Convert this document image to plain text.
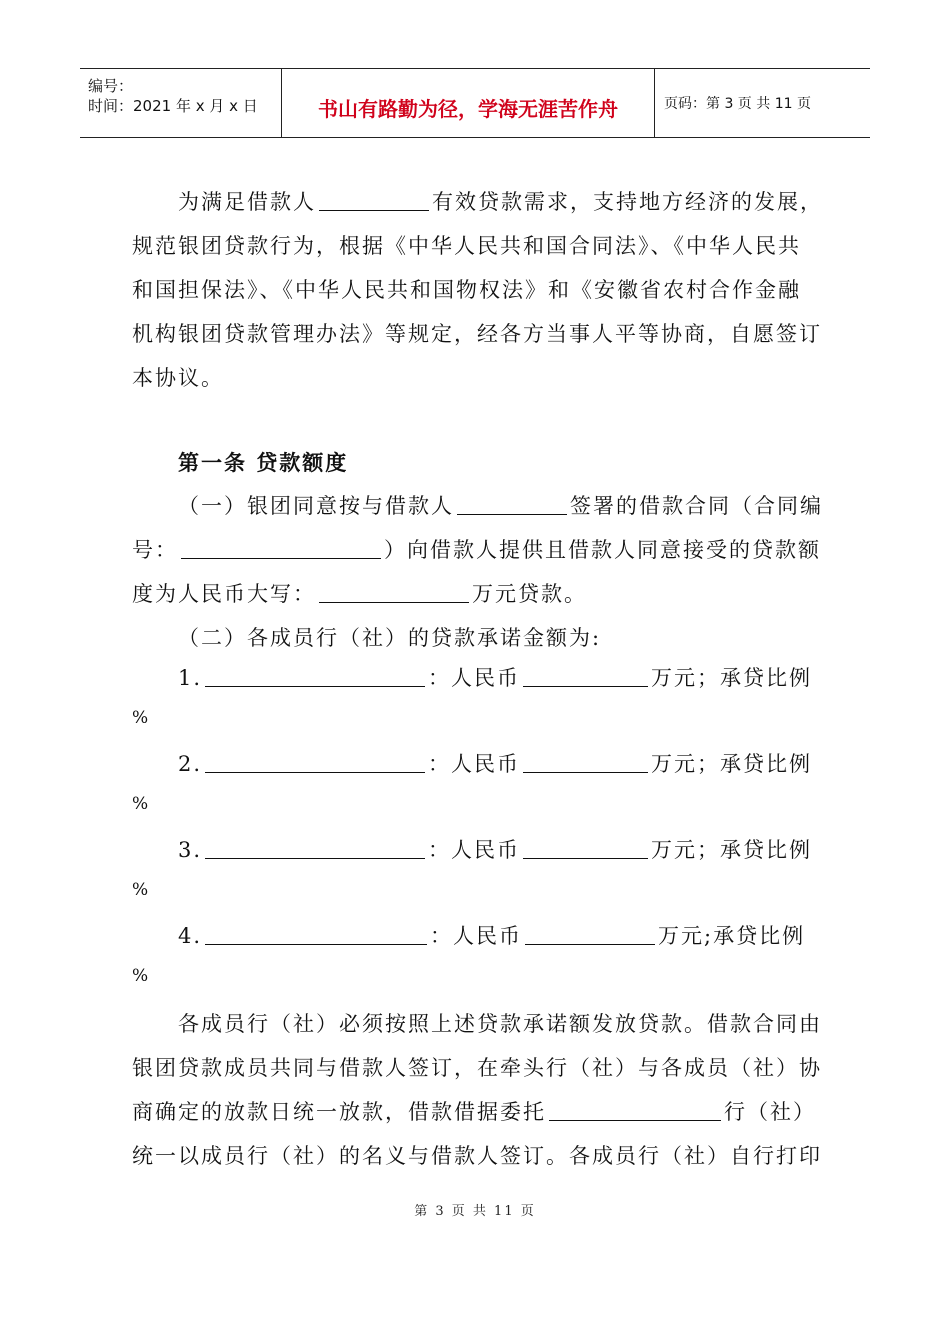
编号：
时间：2021 年 x 月 x 日	书山有路勤为径，学海无涯苦作舟	页码：第 3 页 共 11 页
为满足借款人	有效贷款需求，支持地方经济的发展，
规范银团贷款行为，根据《中华人民共和国合同法》、《中华人民共
和国担保法》、《中华人民共和国物权法》和《安徽省农村合作金融
机构银团贷款管理办法》等规定，经各方当事人平等协商，自愿签订
本协议。
第一条 贷款额度
（一）银团同意按与借款人	签署的借款合同（合同编
号：	）向借款人提供且借款人同意接受的贷款额
度为人民币大写：	万元贷款。
（二）各成员行（社）的贷款承诺金额为:
1.	：人民币	万元；承贷比例
%
2.	：人民币	万元；承贷比例
%
3.	：人民币	万元；承贷比例
%
4.	：人民币	万元;承贷比例
%
各成员行（社）必须按照上述贷款承诺额发放贷款。借款合同由
银团贷款成员共同与借款人签订，在牵头行（社）与各成员（社）协
商确定的放款日统一放款，借款借据委托	行（社）
统一以成员行（社）的名义与借款人签订。各成员行（社）自行打印
第 3 页 共 11 页
